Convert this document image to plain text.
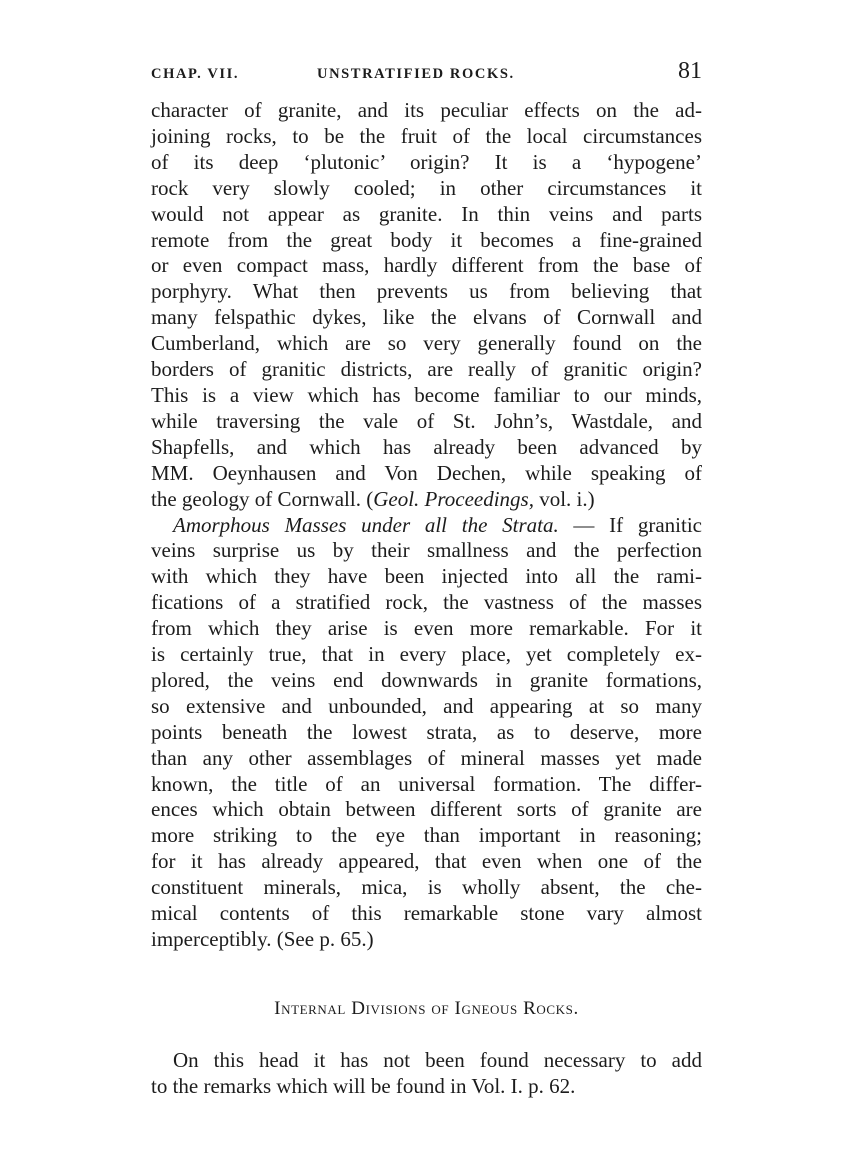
CHAP. VII.	UNSTRATIFIED ROCKS.	81
character of granite, and its peculiar effects on the ad-
joining rocks, to be the fruit of the local circumstances
of its deep ‘plutonic’ origin? It is a ‘hypogene’
rock very slowly cooled; in other circumstances it
would not appear as granite. In thin veins and parts
remote from the great body it becomes a fine-grained
or even compact mass, hardly different from the base of
porphyry. What then prevents us from believing that
many felspathic dykes, like the elvans of Cornwall and
Cumberland, which are so very generally found on the
borders of granitic districts, are really of granitic origin?
This is a view which has become familiar to our minds,
while traversing the vale of St. John’s, Wastdale, and
Shapfells, and which has already been advanced by
MM. Oeynhausen and Von Dechen, while speaking of
the geology of Cornwall. (Geol. Proceedings, vol. i.)
Amorphous Masses under all the Strata. — If granitic
veins surprise us by their smallness and the perfection
with which they have been injected into all the rami-
fications of a stratified rock, the vastness of the masses
from which they arise is even more remarkable. For it
is certainly true, that in every place, yet completely ex-
plored, the veins end downwards in granite formations,
so extensive and unbounded, and appearing at so many
points beneath the lowest strata, as to deserve, more
than any other assemblages of mineral masses yet made
known, the title of an universal formation. The differ-
ences which obtain between different sorts of granite are
more striking to the eye than important in reasoning;
for it has already appeared, that even when one of the
constituent minerals, mica, is wholly absent, the che-
mical contents of this remarkable stone vary almost
imperceptibly. (See p. 65.)
Internal Divisions of Igneous Rocks.
On this head it has not been found necessary to add
to the remarks which will be found in Vol. I. p. 62.
